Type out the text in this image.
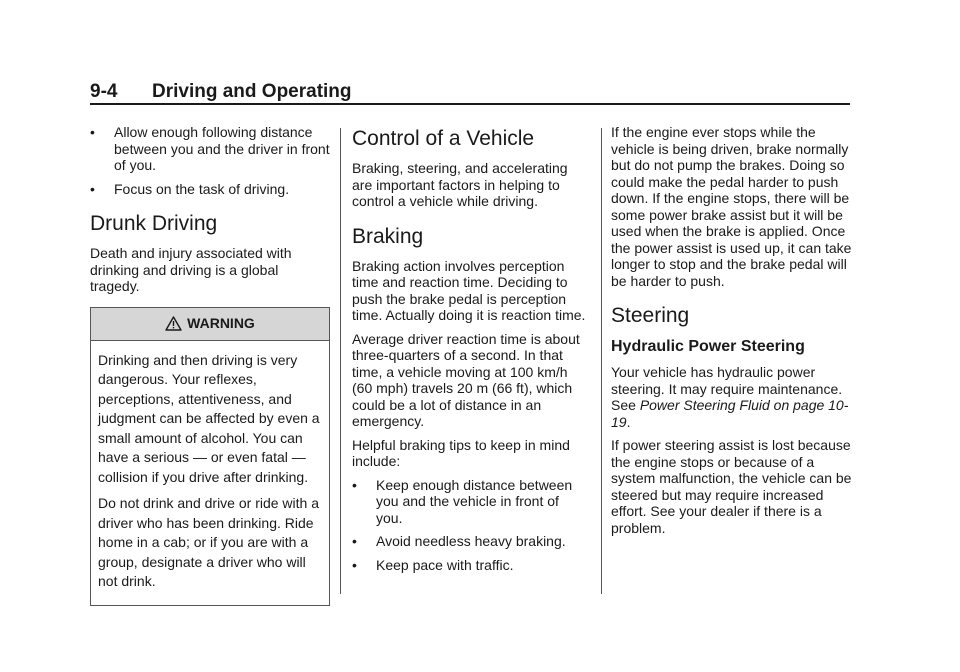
9-4 Driving and Operating
• Allow enough following distance between you and the driver in front of you.
• Focus on the task of driving.
Drunk Driving

Death and injury associated with drinking and driving is a global tragedy.

WARNING

Drinking and then driving is very dangerous. Your reflexes, perceptions, attentiveness, and judgment can be affected by even a small amount of alcohol. You can have a serious — or even fatal — collision if you drive after drinking.

Do not drink and drive or ride with a driver who has been drinking. Ride home in a cab; or if you are with a group, designate a driver who will not drink.

Control of a Vehicle

Braking, steering, and accelerating are important factors in helping to control a vehicle while driving.

Braking

Braking action involves perception time and reaction time. Deciding to push the brake pedal is perception time. Actually doing it is reaction time.

Average driver reaction time is about three-quarters of a second. In that time, a vehicle moving at 100 km/h (60 mph) travels 20 m (66 ft), which could be a lot of distance in an emergency.

Helpful braking tips to keep in mind include:

• Keep enough distance between you and the vehicle in front of you.
• Avoid needless heavy braking.
• Keep pace with traffic.

If the engine ever stops while the vehicle is being driven, brake normally but do not pump the brakes. Doing so could make the pedal harder to push down. If the engine stops, there will be some power brake assist but it will be used when the brake is applied. Once the power assist is used up, it can take longer to stop and the brake pedal will be harder to push.

Steering
Hydraulic Power Steering

Your vehicle has hydraulic power steering. It may require maintenance. See Power Steering Fluid on page 10-19.

If power steering assist is lost because the engine stops or because of a system malfunction, the vehicle can be steered but may require increased effort. See your dealer if there is a problem.
